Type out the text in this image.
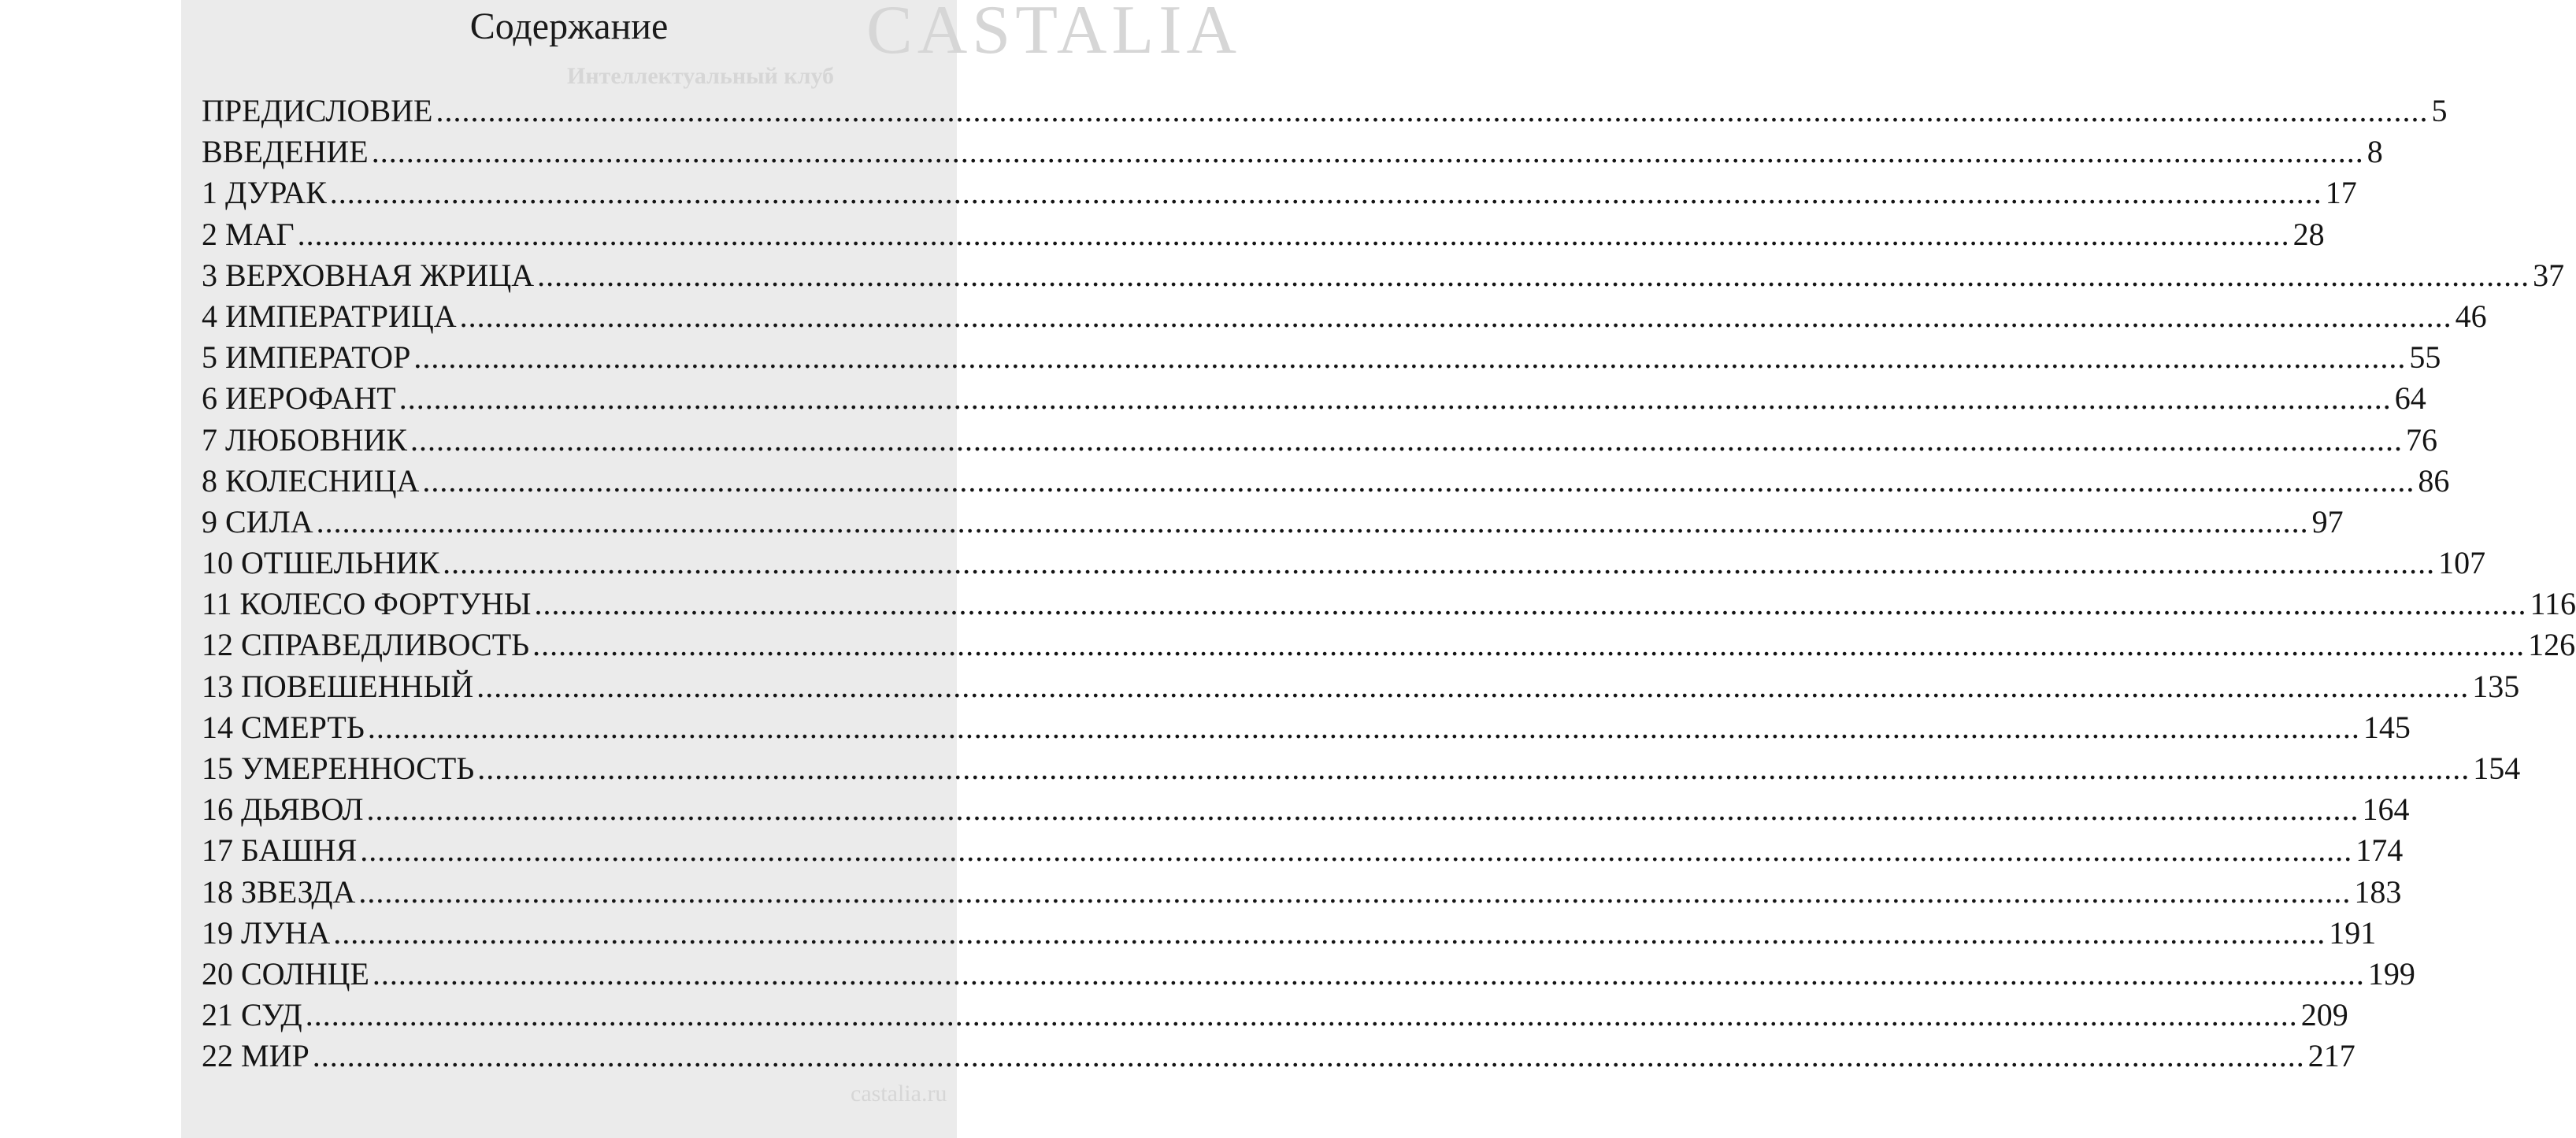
CASTALIA
Интеллектуальный клуб
castalia.ru
Содержание
ПРЕДИСЛОВИЕ .....	5
ВВЕДЕНИЕ .....	8
1 ДУРАК .....	17
2 МАГ .....	28
3 ВЕРХОВНАЯ ЖРИЦА .....	37
4 ИМПЕРАТРИЦА .....	46
5 ИМПЕРАТОР .....	55
6 ИЕРОФАНТ .....	64
7 ЛЮБОВНИК .....	76
8 КОЛЕСНИЦА .....	86
9 СИЛА .....	97
10 ОТШЕЛЬНИК .....	107
11 КОЛЕСО ФОРТУНЫ .....	116
12 СПРАВЕДЛИВОСТЬ .....	126
13 ПОВЕШЕННЫЙ .....	135
14 СМЕРТЬ .....	145
15 УМЕРЕННОСТЬ .....	154
16 ДЬЯВОЛ .....	164
17 БАШНЯ .....	174
18 ЗВЕЗДА .....	183
19 ЛУНА .....	191
20 СОЛНЦЕ .....	199
21 СУД .....	209
22 МИР .....	217
